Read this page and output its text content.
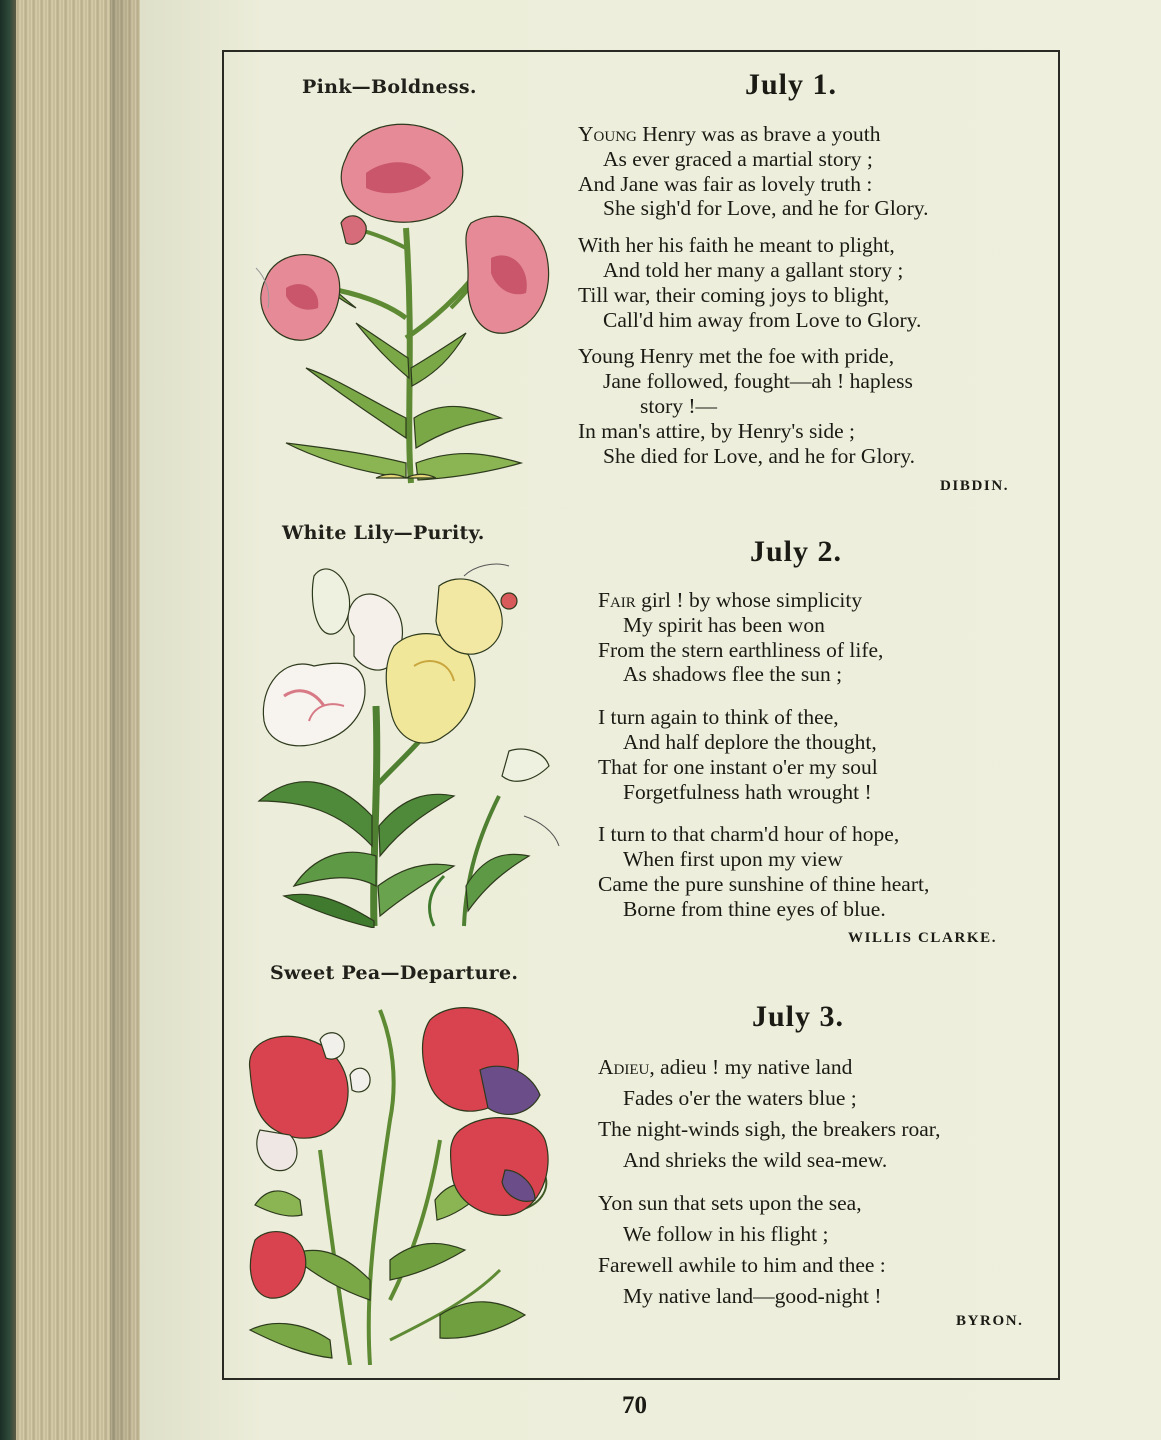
Pink—Boldness.	July 1.
Young Henry was as brave a youth
As ever graced a martial story ;
And Jane was fair as lovely truth :
She sigh'd for Love, and he for Glory.
With her his faith he meant to plight,
And told her many a gallant story ;
Till war, their coming joys to blight,
Call'd him away from Love to Glory.
Young Henry met the foe with pride,
Jane followed, fought—ah ! hapless
story !—
In man's attire, by Henry's side ;
She died for Love, and he for Glory.
DIBDIN.
White Lily—Purity.
July 2.
Fair girl ! by whose simplicity
My spirit has been won
From the stern earthliness of life,
As shadows flee the sun ;
I turn again to think of thee,
And half deplore the thought,
That for one instant o'er my soul
Forgetfulness hath wrought !
I turn to that charm'd hour of hope,
When first upon my view
Came the pure sunshine of thine heart,
Borne from thine eyes of blue.
WILLIS CLARKE.
Sweet Pea—Departure.
July 3.
Adieu, adieu ! my native land
Fades o'er the waters blue ;
The night-winds sigh, the breakers roar,
And shrieks the wild sea-mew.
Yon sun that sets upon the sea,
We follow in his flight ;
Farewell awhile to him and thee :
My native land—good-night !
BYRON.
70
